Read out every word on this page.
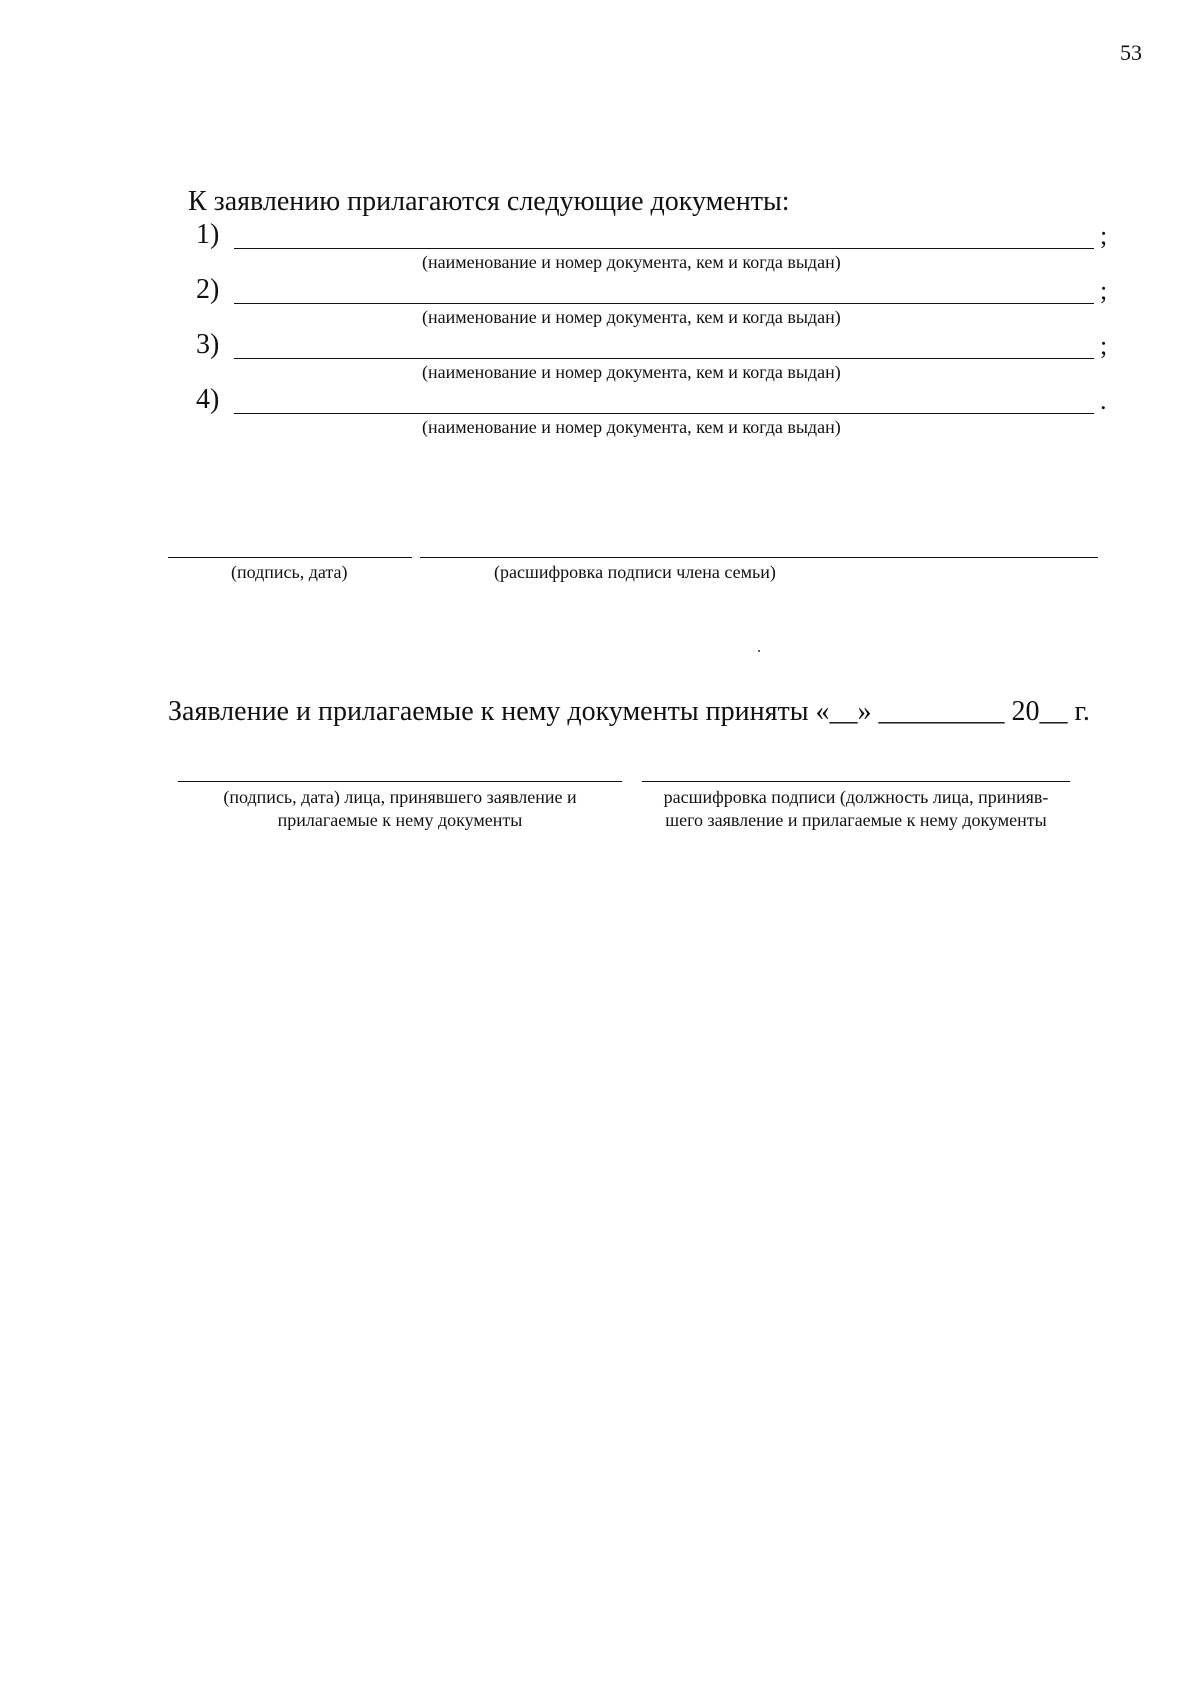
53
К заявлению прилагаются следующие документы:
1)	;
(наименование и номер документа, кем и когда выдан)
2)	;
(наименование и номер документа, кем и когда выдан)
3)	;
(наименование и номер документа, кем и когда выдан)
4)	.
(наименование и номер документа, кем и когда выдан)
(подпись, дата)	(расшифровка подписи члена семьи)
Заявление и прилагаемые к нему документы приняты «__» _________ 20__ г.
(подпись, дата) лица, принявшего заявление и
прилагаемые к нему документы
расшифровка подписи (должность лица, принияв-
шего заявление и прилагаемые к нему документы
